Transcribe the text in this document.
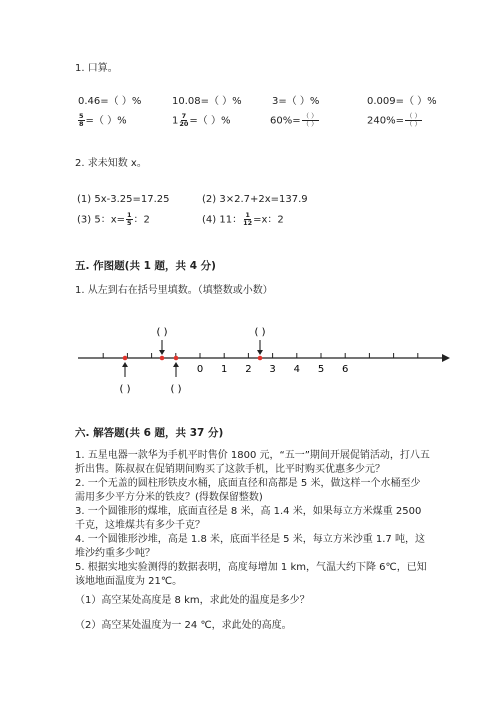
1. 口算。
0.46=（ ）%	10.08=（ ）%	3=（ ）%	0.009=（ ）%
$\frac{5}{8}$ =（ ）%	$1 \frac{7}{20}$ =（ ）%	$60\%= \frac{( )}{( )}$	$240\%= \frac{( )}{( )}$
2. 求未知数 x。
(1) 5x-3.25=17.25	(2) 3×2.7+2x=137.9
(3) 5：$x= \frac{1}{5}$ ：2	(4) 11： $\frac{1}{12} =x$：2
五. 作图题(共 1 题，共 4 分)
1. 从左到右在括号里填数。（填整数或小数）
0 1 2 3 4 5 6
( )	( )
( )	( )
六. 解答题(共 6 题，共 37 分)
1. 五星电器一款华为手机平时售价 1800 元，“五一”期间开展促销活动，打八五折出售。陈叔叔在促销期间购买了这款手机，比平时购买优惠多少元？
2. 一个无盖的圆柱形铁皮水桶，底面直径和高都是 5 米，做这样一个水桶至少需用多少平方分米的铁皮？(得数保留整数)
3. 一个圆锥形的煤堆，底面直径是 8 米，高 1.4 米，如果每立方米煤重 2500 千克，这堆煤共有多少千克？
4. 一个圆锥形沙堆，高是 1.8 米，底面半径是 5 米，每立方米沙重 1.7 吨，这堆沙约重多少吨？
5. 根据实地实验测得的数据表明，高度每增加 1 km，气温大约下降 6℃，已知该地地面温度为 21℃。
（1）高空某处高度是 8 km，求此处的温度是多少？
（2）高空某处温度为一 24 ℃，求此处的高度。
